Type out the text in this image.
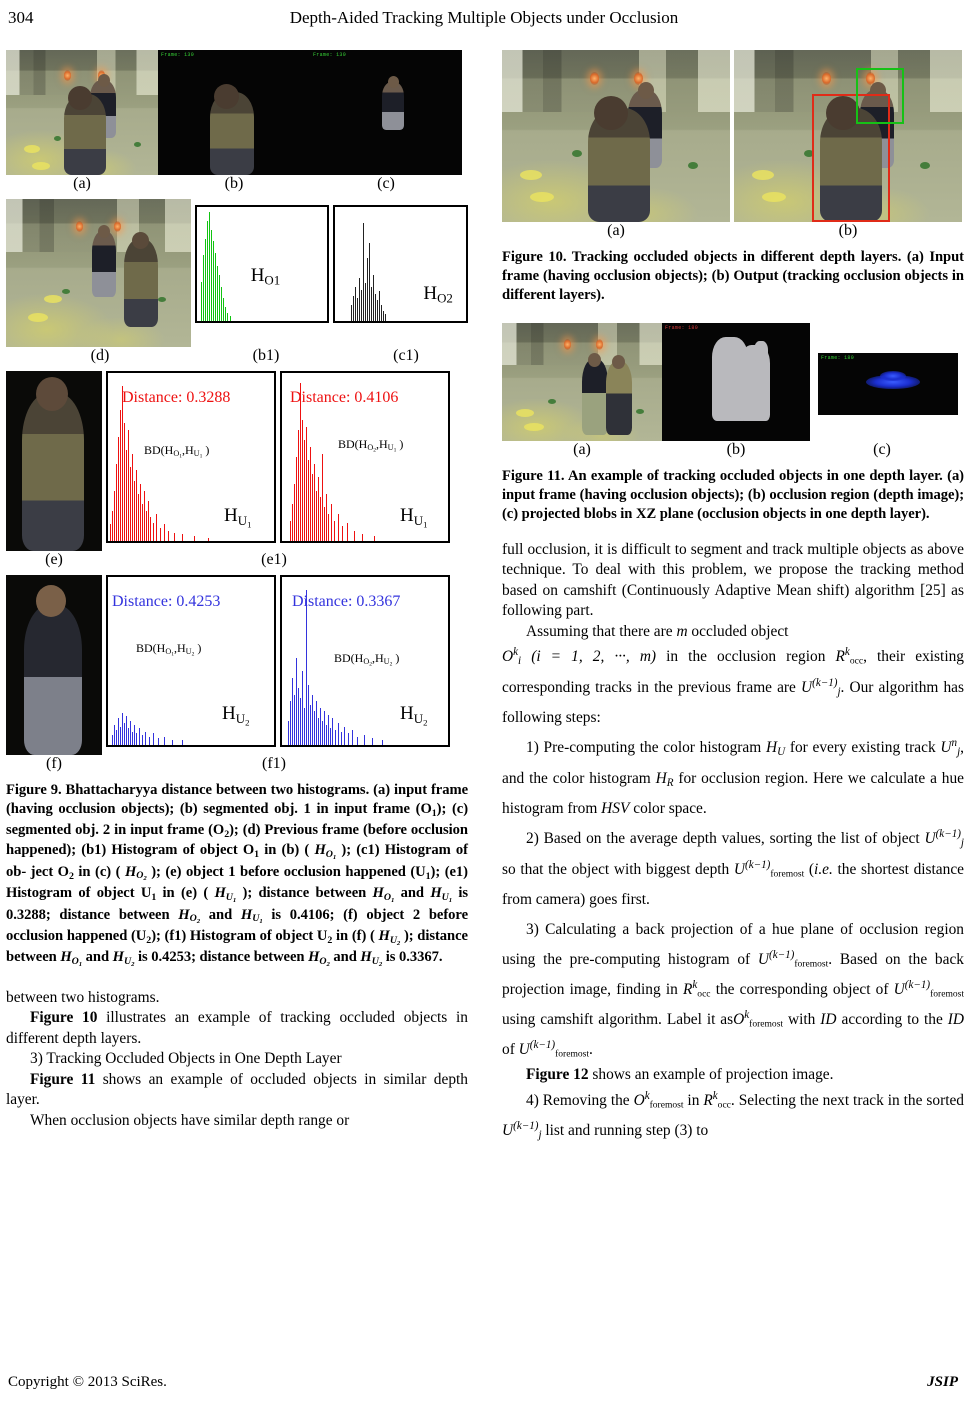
304	Depth-Aided Tracking Multiple Objects under Occlusion
Frame: 130	Frame: 130
(a)	(b)	(c)
$H_{O1}$
$H_{O2}$
(d)	(b1)	(c1)
Distance: 0.3288
$BD(H_{O_1},H_{U_1}$ )
$H_{U_1}$
Distance: 0.4106
$BD(H_{O_2},H_{U_1}$ )
$H_{U_1}$
(e)	(e1)
Distance: 0.4253
$BD(H_{O_1},H_{U_2}$ )
$H_{U_2}$
Distance: 0.3367
$BD(H_{O_2},H_{U_2}$ )
$H_{U_2}$
(f)	(f1)
Figure 9. Bhattacharyya distance between two histograms. (a) input frame (having occlusion objects); (b) segmented obj. 1 in input frame $(O_1)$; (c) segmented obj. 2 in input frame $(O_2)$; (d) Previous frame (before occlusion happened); (b1) Histogram of object $O_1$ in (b) ( $H_{O_1}$ ); (c1) Histogram of ob- ject $O_2$ in (c) ( $H_{O_2}$ ); (e) object 1 before occlusion happened $(U_1)$; (e1) Histogram of object $U_1$ in (e) ( $H_{U_1}$ ); distance between $H_{O_1}$ and $H_{U_1}$ is 0.3288; distance between $H_{O_2}$ and $H_{U_1}$ is 0.4106; (f) object 2 before occlusion happened $(U_2)$; (f1) Histogram of object $U_2$ in (f) ( $H_{U_2}$ ); distance between $H_{O_1}$ and $H_{U_2}$ is 0.4253; distance between $H_{O_2}$ and $H_{U_2}$ is 0.3367.

between two histograms.

Figure 10 illustrates an example of tracking occluded objects in different depth layers.

3) Tracking Occluded Objects in One Depth Layer

Figure 11 shows an example of occluded objects in similar depth layer.

When occlusion objects have similar depth range or

(a)	(b)
Figure 10. Tracking occluded objects in different depth layers. (a) Input frame (having occlusion objects); (b) Output (tracking occlusion objects in different layers).
Frame: 180
Frame: 180
(a)	(b)	(c)
Figure 11. An example of tracking occluded objects in one depth layer. (a) input frame (having occlusion objects); (b) occlusion region (depth image); (c) projected blobs in XZ plane (occlusion objects in one depth layer).

full occlusion, it is difficult to segment and track multiple objects as above technique. To deal with this problem, we propose the tracking method based on camshift (Continuously Adaptive Mean shift) algorithm [25] as following part.

Assuming that there are m occluded object

$O^ki$ (i = 1, 2, ···, m) in the occlusion region $R^kocc$, their existing corresponding tracks in the previous frame are $U^{(k-1)}j$. Our algorithm has following steps:

1) Pre-computing the color histogram HU for every existing track $U^nj$, and the color histogram HR for occlusion region. Here we calculate a hue histogram from HSV color space.

2) Based on the average depth values, sorting the list of object $U^{(k-1)}j$ so that the object with biggest depth $U^{(k-1)}foremost$ (i.e. the shortest distance from camera) goes first.

3) Calculating a back projection of a hue plane of occlusion region using the pre-computing histogram of $U^{(k-1)}foremost$. Based on the back projection image, finding in $R^kocc$ the corresponding object of $U^{(k-1)}foremost$ using camshift algorithm. Label it asO$^k$foremost with ID according to the ID of $U^{(k-1)}foremost$.

Figure 12 shows an example of projection image.

4) Removing the $O^kforemost$ in $R^kocc$. Selecting the next track in the sorted $U^{(k-1)}j$ list and running step (3) to

Copyright © 2013 SciRes.	JSIP
